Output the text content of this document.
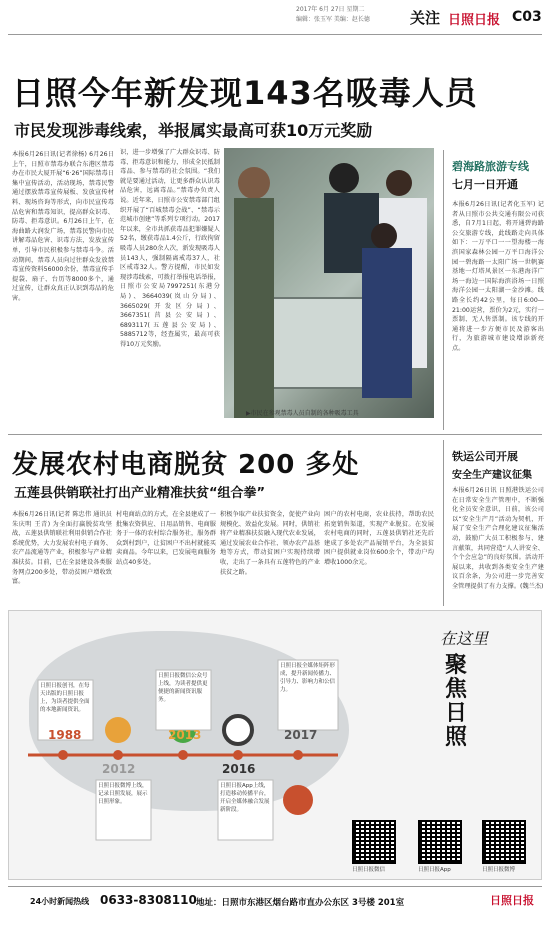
2017年 6月 27日 星期二
编辑：张玉军 美编：赵长德	关注 日照日报 C03
日照今年新发现143名吸毒人员
市民发现涉毒线索，举报属实最高可获10万元奖励
本报6月26日讯(记者徐杨) 6月26日上午，日照市禁毒办联合东港区禁毒办在市民大厦开展“6·26”国际禁毒日集中宣传活动，活动现场，禁毒民警通过摆放禁毒宣传展板、发放宣传材料、现场咨询等形式，向市民宣传毒品危害和禁毒知识，提高群众识毒、防毒、拒毒意识。6月26日上午，在海曲路大润发广场，禁毒民警向市民讲解毒品危害、识毒方法，发放宣传单，引导市民积极参与禁毒斗争。活动期间，禁毒人员向过往群众发放禁毒宣传资料56000余份，禁毒宣传手提袋、扇子、台历等8000多个，通过宣传，让群众真正认识到毒品的危害。
识，进一步增强了广大群众识毒、防毒、拒毒意识和能力，形成全民抵制毒品、参与禁毒的社会氛围。“我们就是要通过活动，让更多群众认识毒品危害，远离毒品。”禁毒办负责人说。近年来，日照市公安禁毒部门组织开展了“百城禁毒会战”、“禁毒示范城市创建”等系列专项行动。2017年以来，全市共抓获毒品犯罪嫌疑人52名，缴获毒品1.4公斤，行政拘留吸毒人员280余人次，新发现吸毒人员143人，强制隔离戒毒37人，社区戒毒32人。警方提醒，市民如发现涉毒线索，可拨打举报电话举报，日照市公安局7997251(东港分局)、3664039(岚山分局)、3665029(开发区分局)、3667351(莒县公安局)、6893117(五莲县公安局)、5885712等，经查属实，最高可获得10万元奖励。
▶市民在参观禁毒人员自制的各种吸毒工具
碧海路旅游专线
七月一日开通
本报6月26日讯(记者化玉军) 记者从日照市公共交通有限公司获悉，自7月1日起，将开通碧海路公交旅游专线，此线路走向具体如下：一万平口一一望海楼一海滨国家森林公园一万平口海洋公园一碧海路一太阳广场一世帆赛基地一灯塔风景区一东港海洋广场一海边一国际海滨浴场一日照海洋公园一太阳湖一金沙滩。线路全长约42公里，每日6:00—21:00运营，票价为2元，实行一票制、无人售票制。该专线的开通将进一步方便市民及游客出行，为旅游城市建设增添新亮点。
发展农村电商脱贫 200 多处
五莲县供销联社打出产业精准扶贫“组合拳”
本报6月26日讯(记者 陈忠伟 通讯员 朱庆明 王青) 为全面打赢脱贫攻坚战，五莲县供销联社利用供销合作社系统优势，大力发展农村电子商务、农产品流通等产业，积极参与产业精准扶贫。目前，已在全县建设各类服务网点200多处，带动贫困户增收致富。
村电商站点的方式，在全县建成了一批集农资供应、日用品销售、电商服务于一体的农村综合服务社，服务群众到村到户，让贫困户不出村就能买卖商品。今年以来，已发展电商服务站点40多处。
积极争取产业扶贫资金，促使产业向规模化、效益化发展。同时，供销社将产业精准扶贫融入现代农业发展，通过发展农业合作社、领办农产品基地等方式，带动贫困户实现持续增收，走出了一条具有五莲特色的产业扶贫之路。
困户的农村电商，农业扶持，帮助农民拓宽销售渠道，实现产业脱贫。在发展农村电商的同时，五莲县供销社还先后建成了多处农产品展销平台，为全县贫困户提供就业岗位600余个，带动户均增收1000余元。
铁运公司开展
安全生产建议征集
本报6月26日讯 日照港铁运公司在日常安全生产管理中，不断强化全员安全意识，日前，该公司以“安全生产月”活动为契机，开展了安全生产合理化建议征集活动，鼓励广大员工积极参与、建言献策，共同营造“人人讲安全、个个会应急”的良好氛围。活动开展以来，共收到各类安全生产建议百余条，为公司进一步完善安全管理提供了有力支撑。(魏兰杰)
1988
2012
2013
2016
2017
日照日报创刊，在每天出版的日照日报上，为读者提供全面的本地新闻资讯。
日照日报微博上线，记录日照发展，展示日照形象。
日照日报微信公众号上线，为读者提供更便捷的新闻资讯服务。
日照日报App上线，打造移动传播平台，开启全媒体融合发展新阶段。
日照日报全媒体矩阵形成，提升新闻传播力、引导力、影响力和公信力。
在这里
聚焦日照
日照日报微信	日照日报App	日照日报微博
24小时新闻热线 0633-8308110 地址：日照市东港区烟台路市直办公东区 3号楼 201室	日照日报
